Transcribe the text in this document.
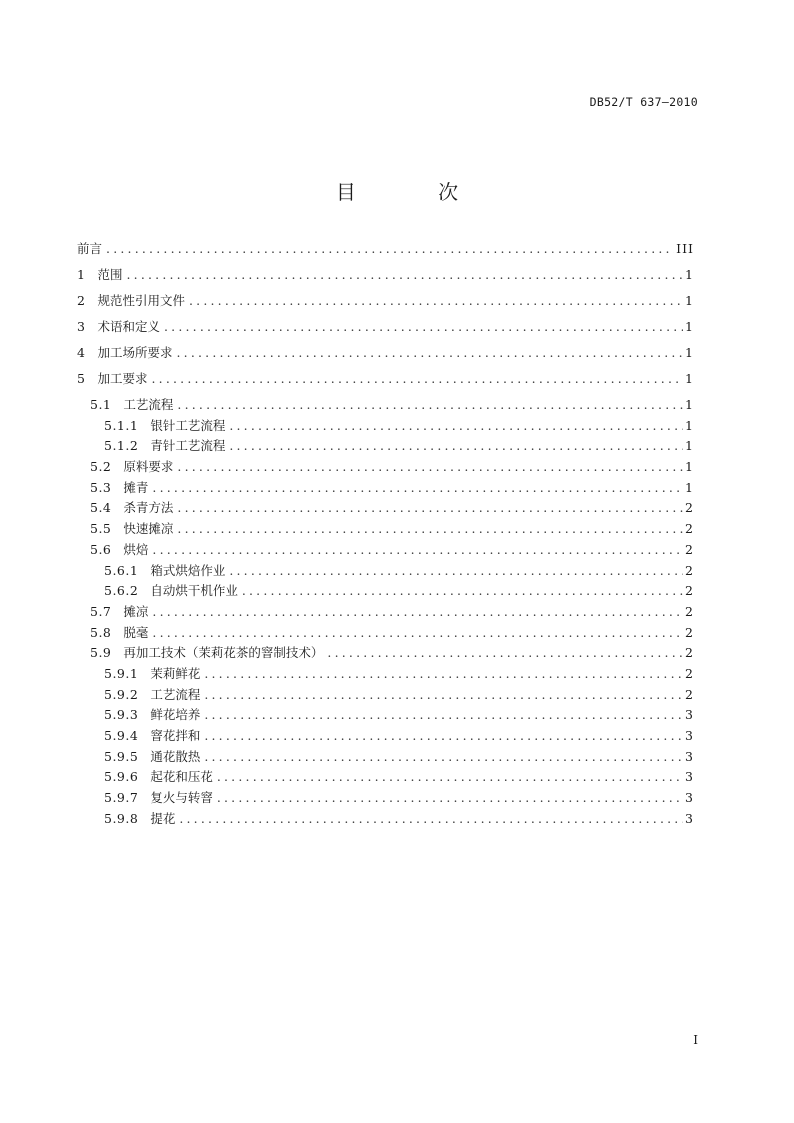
DB52/T 637—2010
目 次
前言 .....	III
1 范围 .....	1
2 规范性引用文件 .....	1
3 术语和定义 .....	1
4 加工场所要求 .....	1
5 加工要求 .....	1
5.1 工艺流程 .....	1
5.1.1 银针工艺流程 .....	1
5.1.2 青针工艺流程 .....	1
5.2 原料要求 .....	1
5.3 摊青 .....	1
5.4 杀青方法 .....	2
5.5 快速摊凉 .....	2
5.6 烘焙 .....	2
5.6.1 箱式烘焙作业 .....	2
5.6.2 自动烘干机作业 .....	2
5.7 摊凉 .....	2
5.8 脱毫 .....	2
5.9 再加工技术（茉莉花茶的窨制技术） .....	2
5.9.1 茉莉鲜花 .....	2
5.9.2 工艺流程 .....	2
5.9.3 鲜花培养 .....	3
5.9.4 窨花拌和 .....	3
5.9.5 通花散热 .....	3
5.9.6 起花和压花 .....	3
5.9.7 复火与转窨 .....	3
5.9.8 提花 .....	3
I
